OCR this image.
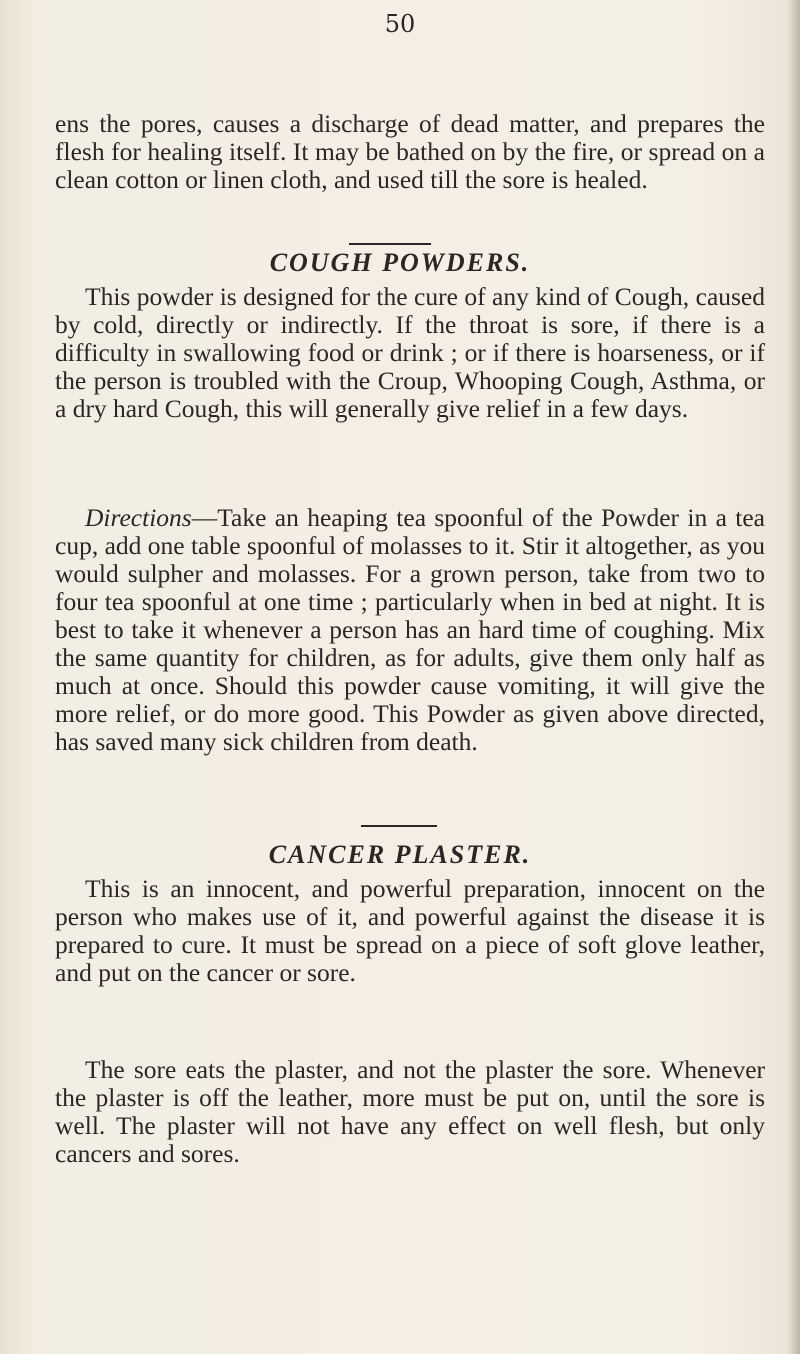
50
ens the pores, causes a discharge of dead matter, and prepares the flesh for healing itself. It may be bathed on by the fire, or spread on a clean cotton or linen cloth, and used till the sore is healed.
COUGH POWDERS.
This powder is designed for the cure of any kind of Cough, caused by cold, directly or indirectly. If the throat is sore, if there is a difficulty in swallowing food or drink ; or if there is hoarseness, or if the person is troubled with the Croup, Whooping Cough, Asthma, or a dry hard Cough, this will generally give relief in a few days.
Directions—Take an heaping tea spoonful of the Powder in a tea cup, add one table spoonful of molasses to it. Stir it altogether, as you would sulpher and molasses. For a grown person, take from two to four tea spoonful at one time ; particularly when in bed at night. It is best to take it whenever a person has an hard time of coughing. Mix the same quantity for children, as for adults, give them only half as much at once. Should this powder cause vomiting, it will give the more relief, or do more good. This Powder as given above directed, has saved many sick children from death.
CANCER PLASTER.
This is an innocent, and powerful preparation, innocent on the person who makes use of it, and powerful against the disease it is prepared to cure. It must be spread on a piece of soft glove leather, and put on the cancer or sore.
The sore eats the plaster, and not the plaster the sore. Whenever the plaster is off the leather, more must be put on, until the sore is well. The plaster will not have any effect on well flesh, but only cancers and sores.
